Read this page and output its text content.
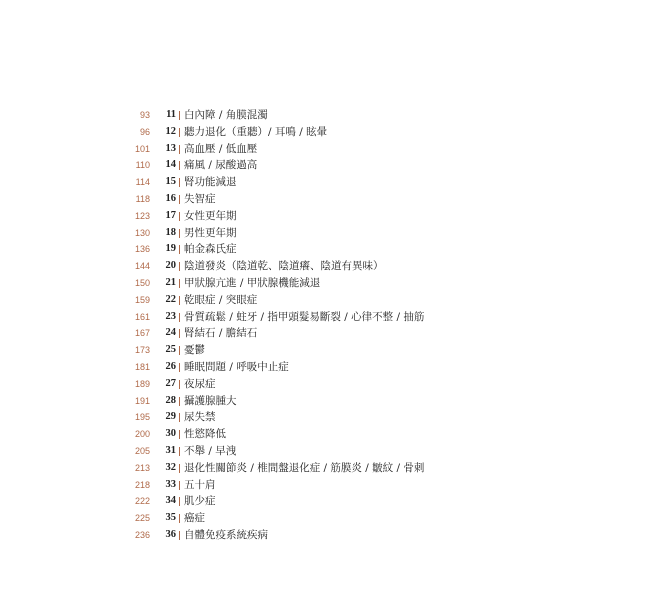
93	11 白內障 / 角膜混濁
96	12 聽力退化（重聽）/ 耳鳴 / 眩暈
101	13 高血壓 / 低血壓
110	14 痛風 / 尿酸過高
114	15 腎功能減退
118	16 失智症
123	17 女性更年期
130	18 男性更年期
136	19 帕金森氏症
144	20 陰道發炎（陰道乾、陰道癢、陰道有異味）
150	21 甲狀腺亢進 / 甲狀腺機能減退
159	22 乾眼症 / 突眼症
161	23 骨質疏鬆 / 蛀牙 / 指甲頭髮易斷裂 / 心律不整 / 抽筋
167	24 腎結石 / 膽結石
173	25 憂鬱
181	26 睡眠問題 / 呼吸中止症
189	27 夜尿症
191	28 攝護腺腫大
195	29 尿失禁
200	30 性慾降低
205	31 不舉 / 早洩
213	32 退化性關節炎 / 椎間盤退化症 / 筋膜炎 / 皺紋 / 骨刺
218	33 五十肩
222	34 肌少症
225	35 癌症
236	36 自體免疫系統疾病
